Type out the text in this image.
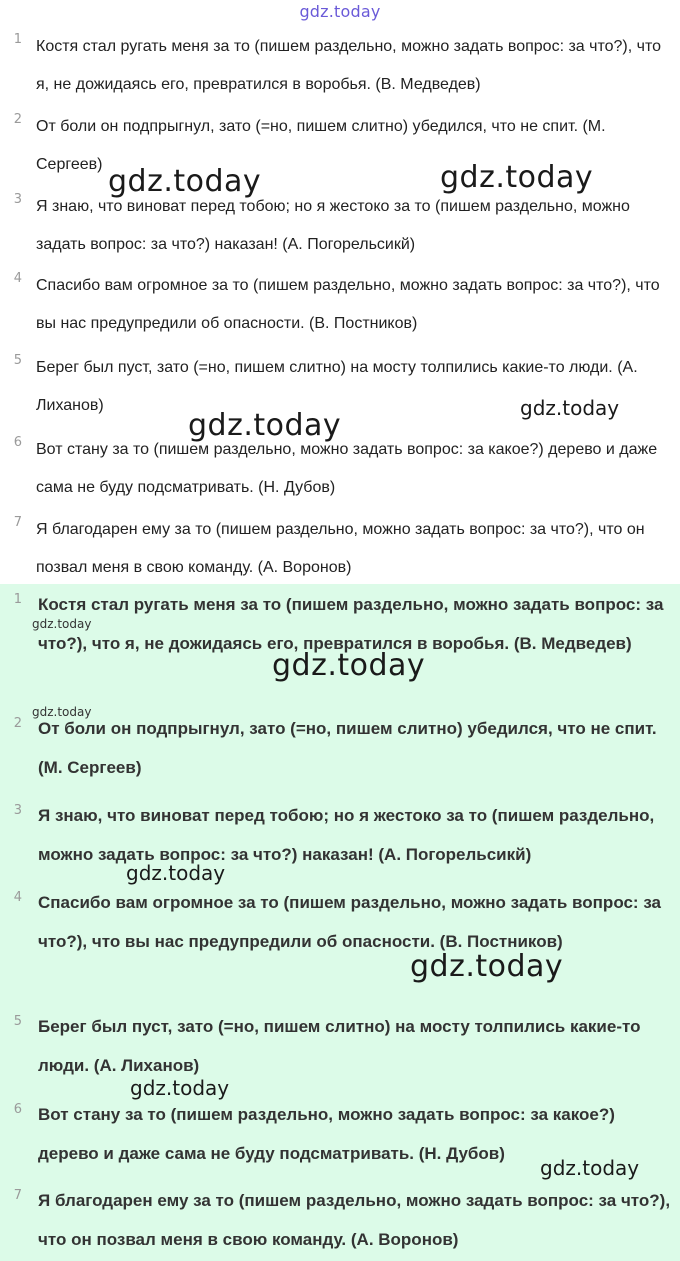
gdz.today
1 Костя стал ругать меня за то (пишем раздельно, можно задать вопрос: за что?), что я, не дожидаясь его, превратился в воробья. (В. Медведев)

2 От боли он подпрыгнул, зато (=но, пишем слитно) убедился, что не спит. (М. Сергеев)

3 Я знаю, что виноват перед тобою; но я жестоко за то (пишем раздельно, можно задать вопрос: за что?) наказан! (А. Погорельсикй)

4 Спасибо вам огромное за то (пишем раздельно, можно задать вопрос: за что?), что вы нас предупредили об опасности. (В. Постников)

5 Берег был пуст, зато (=но, пишем слитно) на мосту толпились какие-то люди. (А. Лиханов)

6 Вот стану за то (пишем раздельно, можно задать вопрос: за какое?) дерево и даже сама не буду подсматривать. (Н. Дубов)

7 Я благодарен ему за то (пишем раздельно, можно задать вопрос: за что?), что он позвал меня в свою команду. (А. Воронов)

1 Костя стал ругать меня за то (пишем раздельно, можно задать вопрос: за что?), что я, не дожидаясь его, превратился в воробья. (В. Медведев)

2 От боли он подпрыгнул, зато (=но, пишем слитно) убедился, что не спит. (М. Сергеев)

3 Я знаю, что виноват перед тобою; но я жестоко за то (пишем раздельно, можно задать вопрос: за что?) наказан! (А. Погорельсикй)

4 Спасибо вам огромное за то (пишем раздельно, можно задать вопрос: за что?), что вы нас предупредили об опасности. (В. Постников)

5 Берег был пуст, зато (=но, пишем слитно) на мосту толпились какие-то люди. (А. Лиханов)

6 Вот стану за то (пишем раздельно, можно задать вопрос: за какое?) дерево и даже сама не буду подсматривать. (Н. Дубов)

7 Я благодарен ему за то (пишем раздельно, можно задать вопрос: за что?), что он позвал меня в свою команду. (А. Воронов)

gdz.today	gdz.today
gdz.today	gdz.today
gdz.today
gdz.today
gdz.today
gdz.today
gdz.today
gdz.today
gdz.today
